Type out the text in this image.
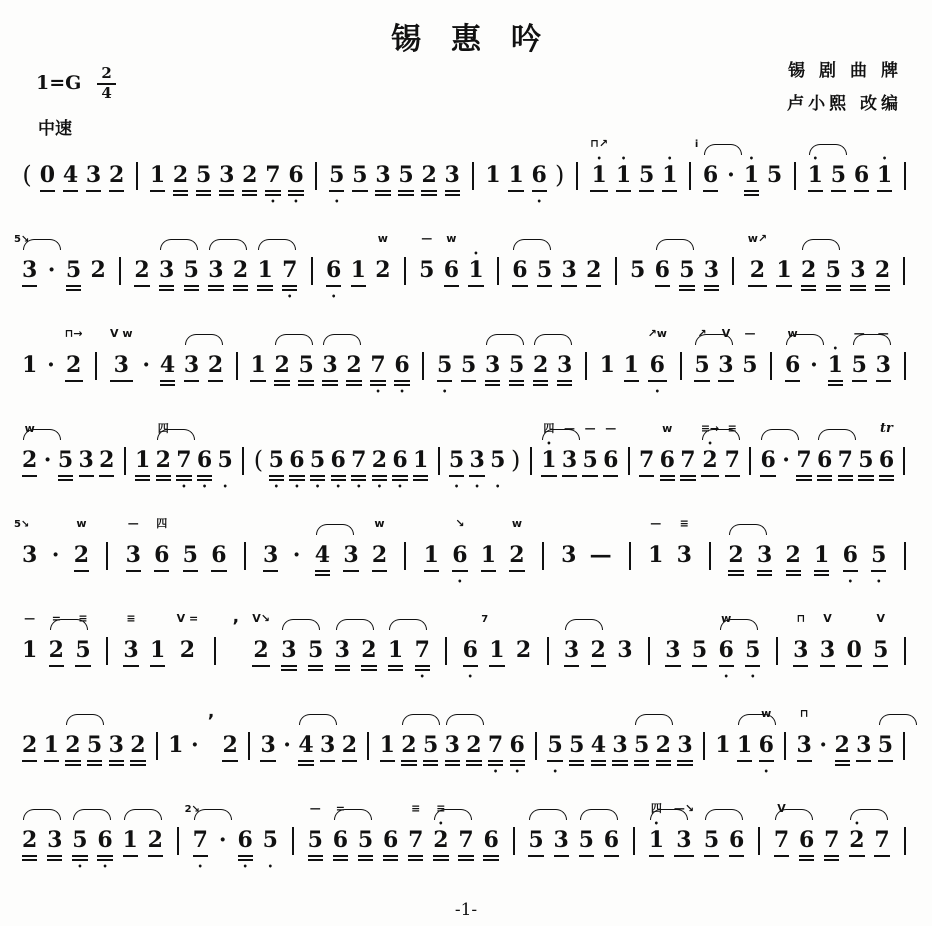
锡惠吟
锡剧曲牌
卢小熙 改编
$1=G \frac{2}{4}$
中速

(

0

4

3

2

1

2

5

3

2

7
•

6
•

5
•

5

3

5

2

3

1

1

6
•

)

⊓↗
•
1

•
1

5

•
1

i

6

·

•
1

5

•
1

5

6

•
1

5↘

3

·

5

2

2

3

5

3

2

1

7
•

6
•

1

w

2

—

5

w

6

•
1

6

5

3

2

5

6

5

3

w↗

2

1

2

5

3

2

1

·

⊓→

2

V w

3

·

4

3

2

1

2

5

3

2

7
•

6
•

5
•

5

3

5

2

3

1

1

↗w

6
•

↗

5

V

3

—

5

w

6

·

•
1

—

5

—

3

w

2

·

5

3

2

1

四

2

7
•

6
•

5
•

(

5
•

6
•

5
•

6
•

7
•

2
•

6
•

1

5
•

3
•

5
•

)

四
•
1

—

3

—

5

—

6

7

w

6

7

≡→
•
2

≡

7

6

·

7

6

7

5

tr

6

5↘

3

·

w

2

—

3

四

6

5

6

3

·

4

3

w

2

1

↘

6
•

1

w

2

3

—

—

1

≡

3

2

3

2

1

6
•

5
•

—

1

=

2

≡

5

≡

3

1

V =

2

,

V↘

2

3

5

3

2

1

7
•

6
•
7

1

2

3

2

3

3

5

w

6
•

5
•

⊓

3

V

3

0

V

5

2

1

2

5

3

2

1

·

,

2

3

·

4

3

2

1

2

5

3

2

7
•

6
•

5
•

5

4

3

5

2

3

1

1

w

6
•

⊓

3

·

2

3

5

2

3

5
•

6
•

1

2

2↘

7
•

·

6
•

5
•

—

5

=

6

5

6

≡

7

≡
•
2

7

6

5

3

5

6

四
•
1

—↘

3

5

6

V

7

6

7

•
2

7

-1-
